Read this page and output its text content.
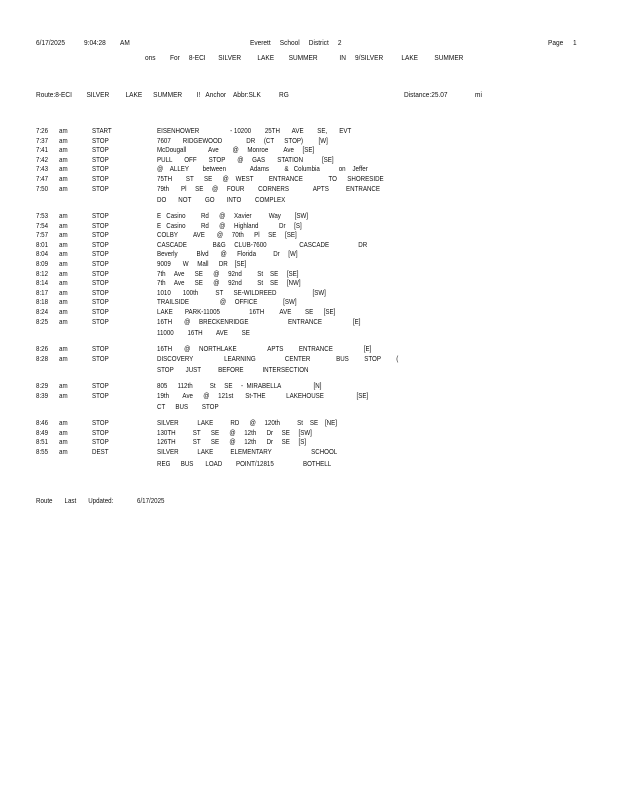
6/17/2025 9:04:28 AM	Everett     School     District     2	Page 1
ons        For     8-ECI       SILVER         LAKE        SUMMER            IN     9/SILVER          LAKE         SUMMER
Route:8-ECI        SILVER         LAKE      SUMMER        I!   Anchor    Abbr:SLK          RG	Distance:25.07	mi
7:26 am	START	EISENHOWER                  - 10200        25TH       AVE        SE,       EVT
7:37 am	STOP	7607       RIDGEWOOD              DR     (CT      STOP)         [W]
7:41 am	STOP	McDougall             Ave        @     Monroe         Ave     [SE]
7:42 am	STOP	PULL       OFF       STOP       @     GAS       STATION           [SE]
7:43 am	STOP	@    ALLEY        between              Adams         &   Columbia           on    Jeffer
7:47 am	STOP	75TH        ST      SE      @    WEST         ENTRANCE               TO      SHORESIDE
7:50 am	STOP	79th       Pl     SE     @     FOUR        CORNERS              APTS          ENTRANCE
DO       NOT        GO       INTO        COMPLEX
7:53 am	STOP	E   Casino         Rd      @     Xavier          Way        [SW]
7:54 am	STOP	E   Casino         Rd      @     Highland            Dr     [S]
7:57 am	STOP	COLBY         AVE       @     70th      Pl     SE     [SE]
8:01 am	STOP	CASCADE               B&G     CLUB-7600                   CASCADE                 DR
8:04 am	STOP	Beverly           Blvd       @      Florida          Dr     [W]
8:09 am	STOP	9009       W     Mall      DR    [SE]
8:12 am	STOP	7th     Ave      SE      @     92nd         St    SE     [SE]
8:14 am	STOP	7th     Ave      SE      @     92nd         St    SE     [NW]
8:17 am	STOP	1010       100th          ST      SE-WILDREED                     [SW]
8:18 am	STOP	TRAILSIDE                  @     OFFICE               [SW]
8:24 am	STOP	LAKE       PARK-11005                 16TH         AVE        SE      [SE]
8:25 am	STOP	16TH       @     BRECKENRIDGE                       ENTRANCE                  [E]
11000        16TH        AVE        SE
8:26 am	STOP	16TH       @     NORTHLAKE                  APTS         ENTRANCE                  [E]
8:28 am	STOP	DISCOVERY                  LEARNING                 CENTER               BUS         STOP         (
STOP       JUST          BEFORE           INTERSECTION
8:29 am	STOP	805      112th          St     SE     -  MIRABELLA                   [N]
8:39 am	STOP	19th        Ave      @     121st       St-THE            LAKEHOUSE                   [SE]
CT      BUS        STOP
8:46 am	STOP	SILVER           LAKE          RD      @     120th          St    SE    [NE]
8:49 am	STOP	130TH          ST      SE      @     12th      Dr     SE     [SW]
8:51 am	STOP	126TH          ST      SE      @     12th      Dr     SE     [S]
8:55 am	DEST	SILVER           LAKE          ELEMENTARY                       SCHOOL
REG      BUS       LOAD        POINT/12815                 BOTHELL
Route       Last       Updated:	6/17/2025
